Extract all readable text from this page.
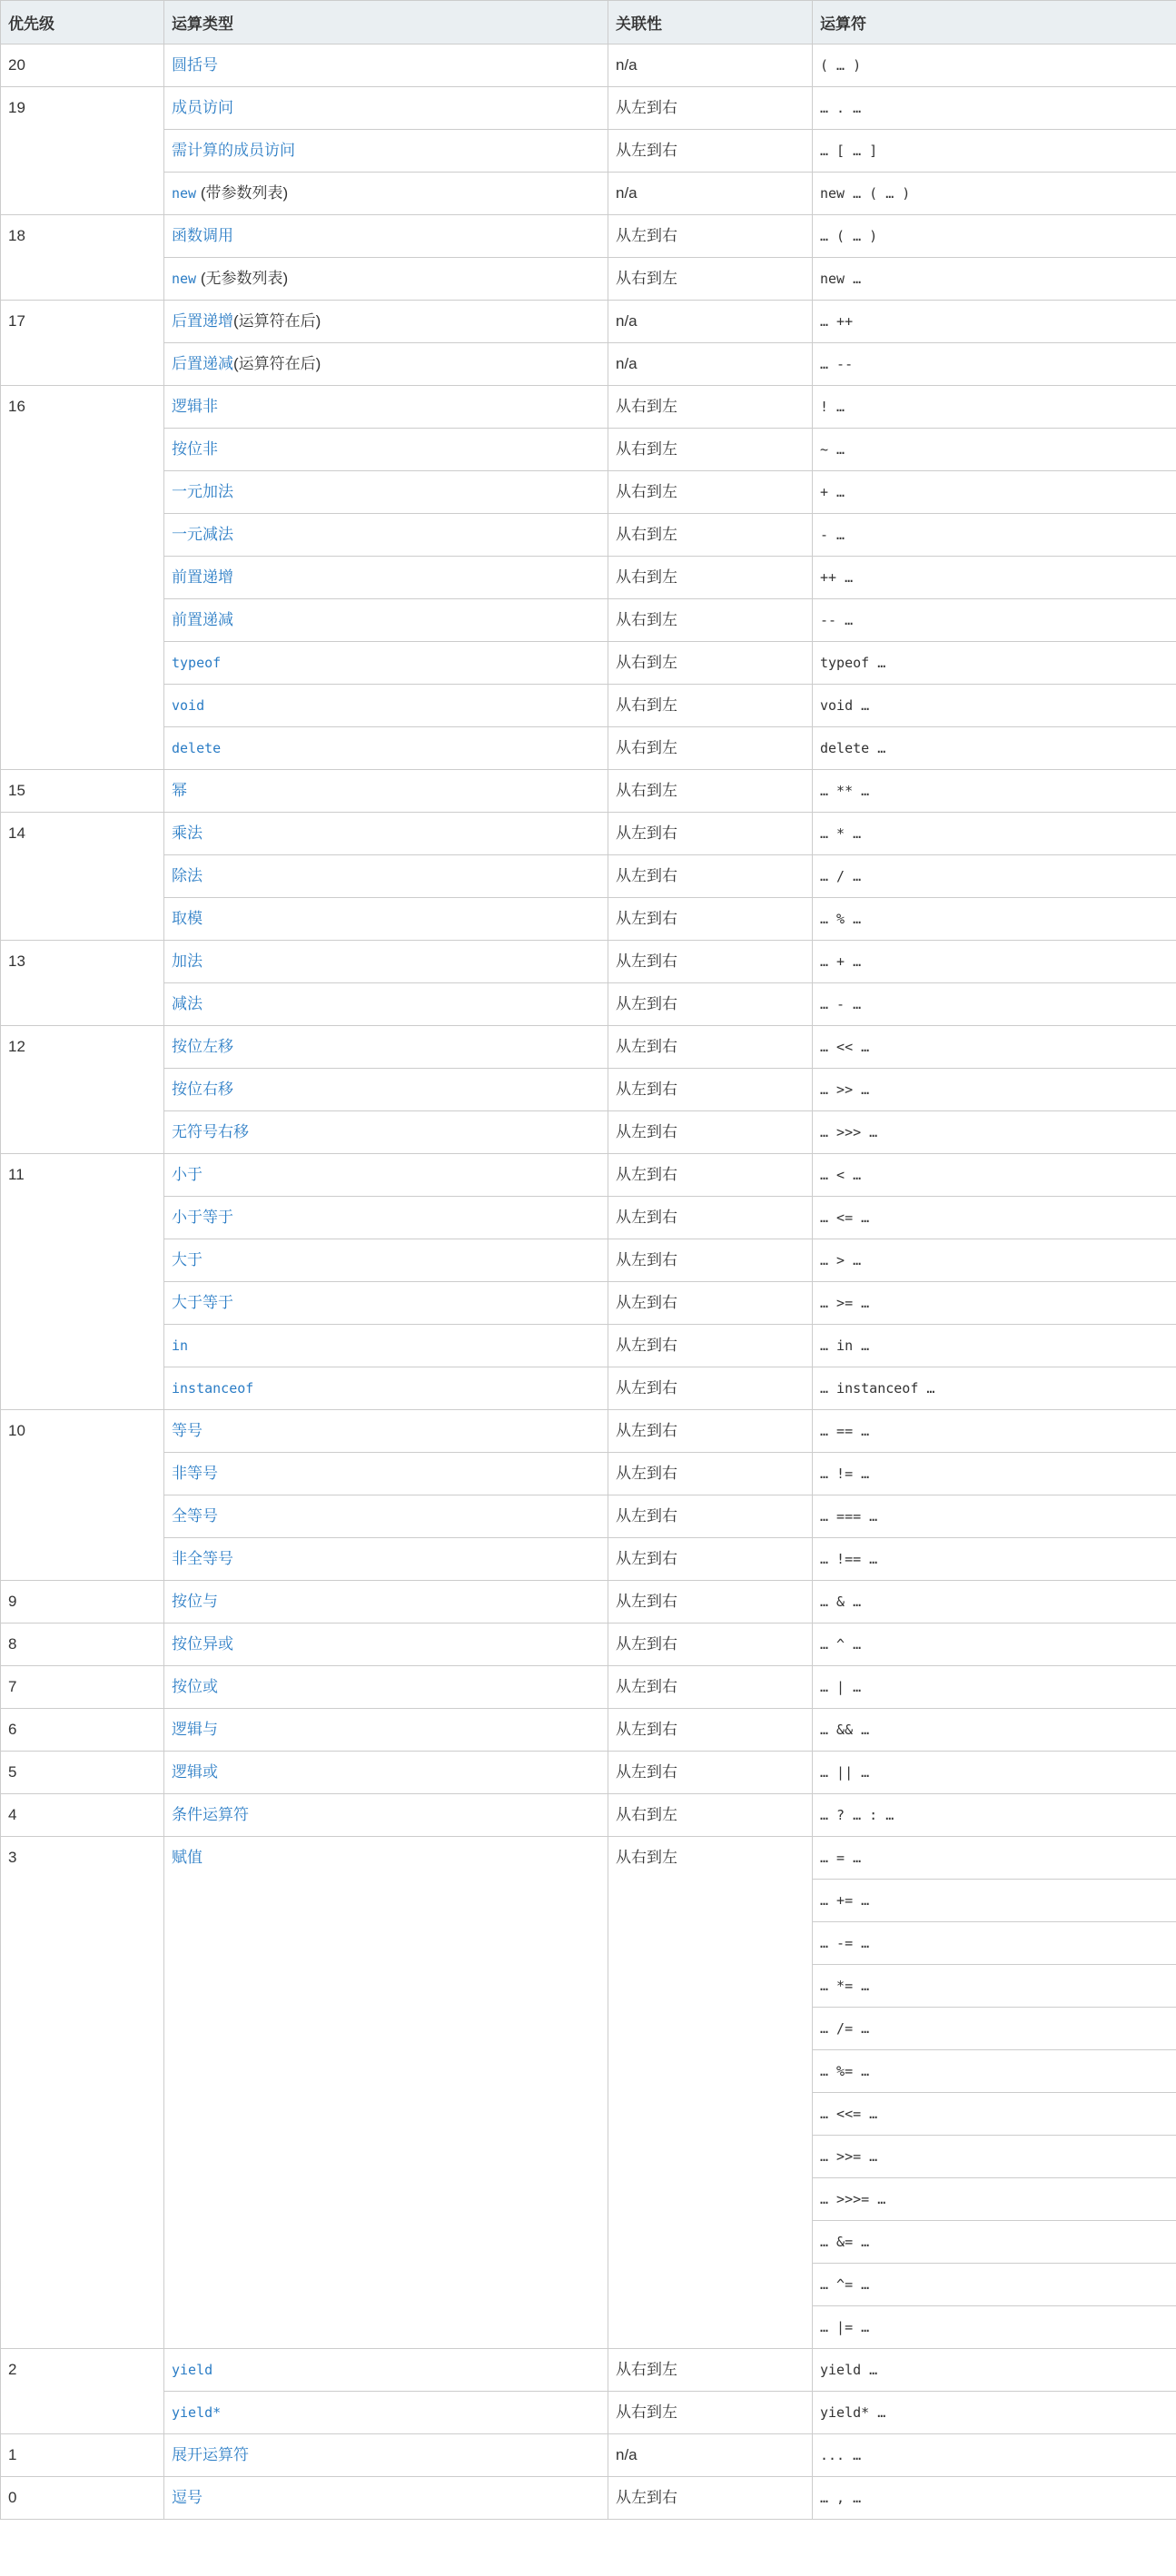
优先级	运算类型	关联性	运算符
20	圆括号	n/a	( … )
19	成员访问	从左到右	… . …
	需计算的成员访问	从左到右	… [ … ]
	new (带参数列表)	n/a	new … ( … )
18	函数调用	从左到右	… ( … )
	new (无参数列表)	从右到左	new …
17	后置递增(运算符在后)	n/a	… ++
	后置递减(运算符在后)	n/a	… --
16	逻辑非	从右到左	! …
	按位非	从右到左	~ …
	一元加法	从右到左	+ …
	一元减法	从右到左	- …
	前置递增	从右到左	++ …
	前置递减	从右到左	-- …
	typeof	从右到左	typeof …
	void	从右到左	void …
	delete	从右到左	delete …
15	幂	从右到左	… ** …
14	乘法	从左到右	… * …
	除法	从左到右	… / …
	取模	从左到右	… % …
13	加法	从左到右	… + …
	减法	从左到右	… - …
12	按位左移	从左到右	… << …
	按位右移	从左到右	… >> …
	无符号右移	从左到右	… >>> …
11	小于	从左到右	… < …
	小于等于	从左到右	… <= …
	大于	从左到右	… > …
	大于等于	从左到右	… >= …
	in	从左到右	… in …
	instanceof	从左到右	… instanceof …
10	等号	从左到右	… == …
	非等号	从左到右	… != …
	全等号	从左到右	… === …
	非全等号	从左到右	… !== …
9	按位与	从左到右	… & …
8	按位异或	从左到右	… ^ …
7	按位或	从左到右	… | …
6	逻辑与	从左到右	… && …
5	逻辑或	从左到右	… || …
4	条件运算符	从右到左	… ? … : …
3	赋值	从右到左	… = …
			… += …
			… -= …
			… *= …
			… /= …
			… %= …
			… <<= …
			… >>= …
			… >>>= …
			… &= …
			… ^= …
			… |= …
2	yield	从右到左	yield …
	yield*	从右到左	yield* …
1	展开运算符	n/a	... …
0	逗号	从左到右	… , …
